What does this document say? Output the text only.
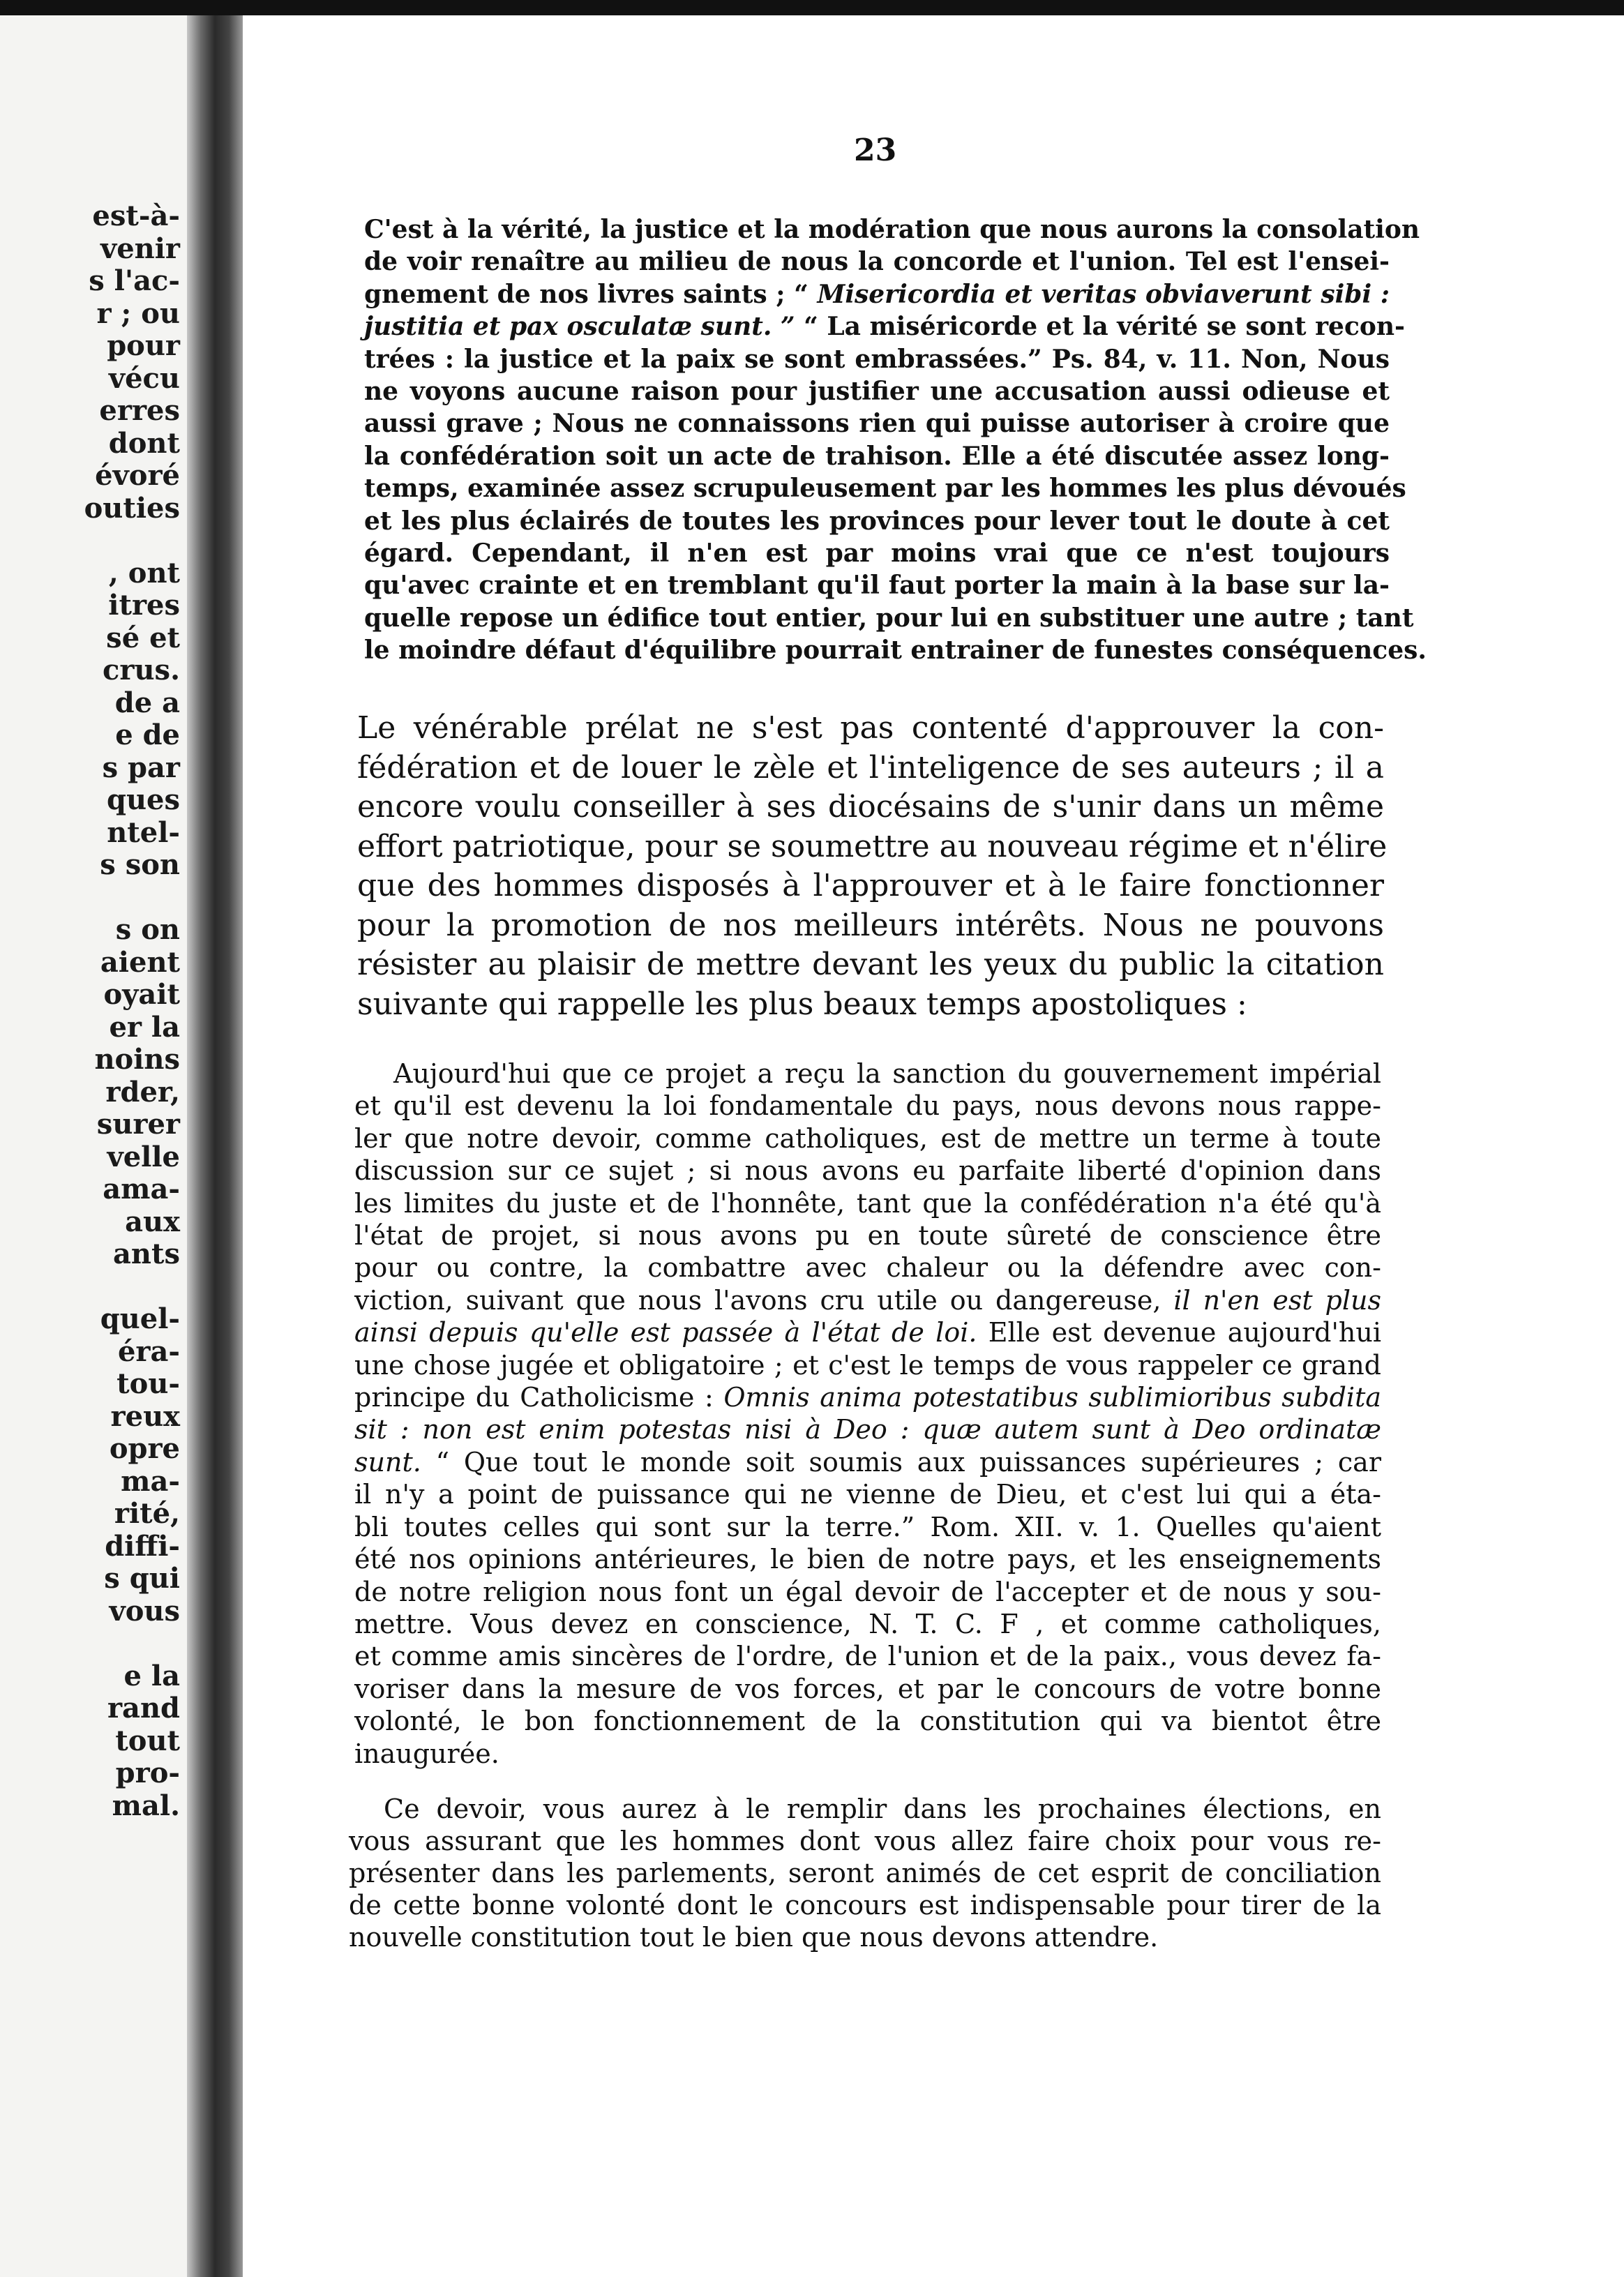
est-à-
venir
s l'ac-
r ; ou
pour
vécu
erres
dont
évoré
outies
, ont
itres
sé et
crus.
de a
e de
s par
ques
ntel-
s son
s on
aient
oyait
er la
noins
rder,
surer
velle
ama-
aux
ants
quel-
éra-
tou-
reux
opre
ma-
rité,
diffi-
s qui
vous
e la
rand
tout
pro-
mal.
23

C'est à la vérité, la justice et la modération que nous aurons la consolation
de voir renaître au milieu de nous la concorde et l'union. Tel est l'ensei-
gnement de nos livres saints ; “ Misericordia et veritas obviaverunt sibi :
justitia et pax osculatæ sunt. ” “ La miséricorde et la vérité se sont recon-
trées : la justice et la paix se sont embrassées.” Ps. 84, v. 11. Non, Nous
ne voyons aucune raison pour justifier une accusation aussi odieuse et
aussi grave ; Nous ne connaissons rien qui puisse autoriser à croire que
la confédération soit un acte de trahison. Elle a été discutée assez long-
temps, examinée assez scrupuleusement par les hommes les plus dévoués
et les plus éclairés de toutes les provinces pour lever tout le doute à cet
égard. Cependant, il n'en est par moins vrai que ce n'est toujours
qu'avec crainte et en tremblant qu'il faut porter la main à la base sur la-
quelle repose un édifice tout entier, pour lui en substituer une autre ; tant
le moindre défaut d'équilibre pourrait entrainer de funestes conséquences.

Le vénérable prélat ne s'est pas contenté d'approuver la con-
fédération et de louer le zèle et l'inteligence de ses auteurs ; il a
encore voulu conseiller à ses diocésains de s'unir dans un même
effort patriotique, pour se soumettre au nouveau régime et n'élire
que des hommes disposés à l'approuver et à le faire fonctionner
pour la promotion de nos meilleurs intérêts. Nous ne pouvons
résister au plaisir de mettre devant les yeux du public la citation
suivante qui rappelle les plus beaux temps apostoliques :

Aujourd'hui que ce projet a reçu la sanction du gouvernement impérial
et qu'il est devenu la loi fondamentale du pays, nous devons nous rappe-
ler que notre devoir, comme catholiques, est de mettre un terme à toute
discussion sur ce sujet ; si nous avons eu parfaite liberté d'opinion dans
les limites du juste et de l'honnête, tant que la confédération n'a été qu'à
l'état de projet, si nous avons pu en toute sûreté de conscience être
pour ou contre, la combattre avec chaleur ou la défendre avec con-
viction, suivant que nous l'avons cru utile ou dangereuse, il n'en est plus
ainsi depuis qu'elle est passée à l'état de loi. Elle est devenue aujourd'hui
une chose jugée et obligatoire ; et c'est le temps de vous rappeler ce grand
principe du Catholicisme : Omnis anima potestatibus sublimioribus subdita
sit : non est enim potestas nisi à Deo : quæ autem sunt à Deo ordinatæ
sunt. “ Que tout le monde soit soumis aux puissances supérieures ; car
il n'y a point de puissance qui ne vienne de Dieu, et c'est lui qui a éta-
bli toutes celles qui sont sur la terre.” Rom. XII. v. 1. Quelles qu'aient
été nos opinions antérieures, le bien de notre pays, et les enseignements
de notre religion nous font un égal devoir de l'accepter et de nous y sou-
mettre. Vous devez en conscience, N. T. C. F , et comme catholiques,
et comme amis sincères de l'ordre, de l'union et de la paix., vous devez fa-
voriser dans la mesure de vos forces, et par le concours de votre bonne
volonté, le bon fonctionnement de la constitution qui va bientot être
inaugurée.

Ce devoir, vous aurez à le remplir dans les prochaines élections, en
vous assurant que les hommes dont vous allez faire choix pour vous re-
présenter dans les parlements, seront animés de cet esprit de conciliation
de cette bonne volonté dont le concours est indispensable pour tirer de la
nouvelle constitution tout le bien que nous devons attendre.
